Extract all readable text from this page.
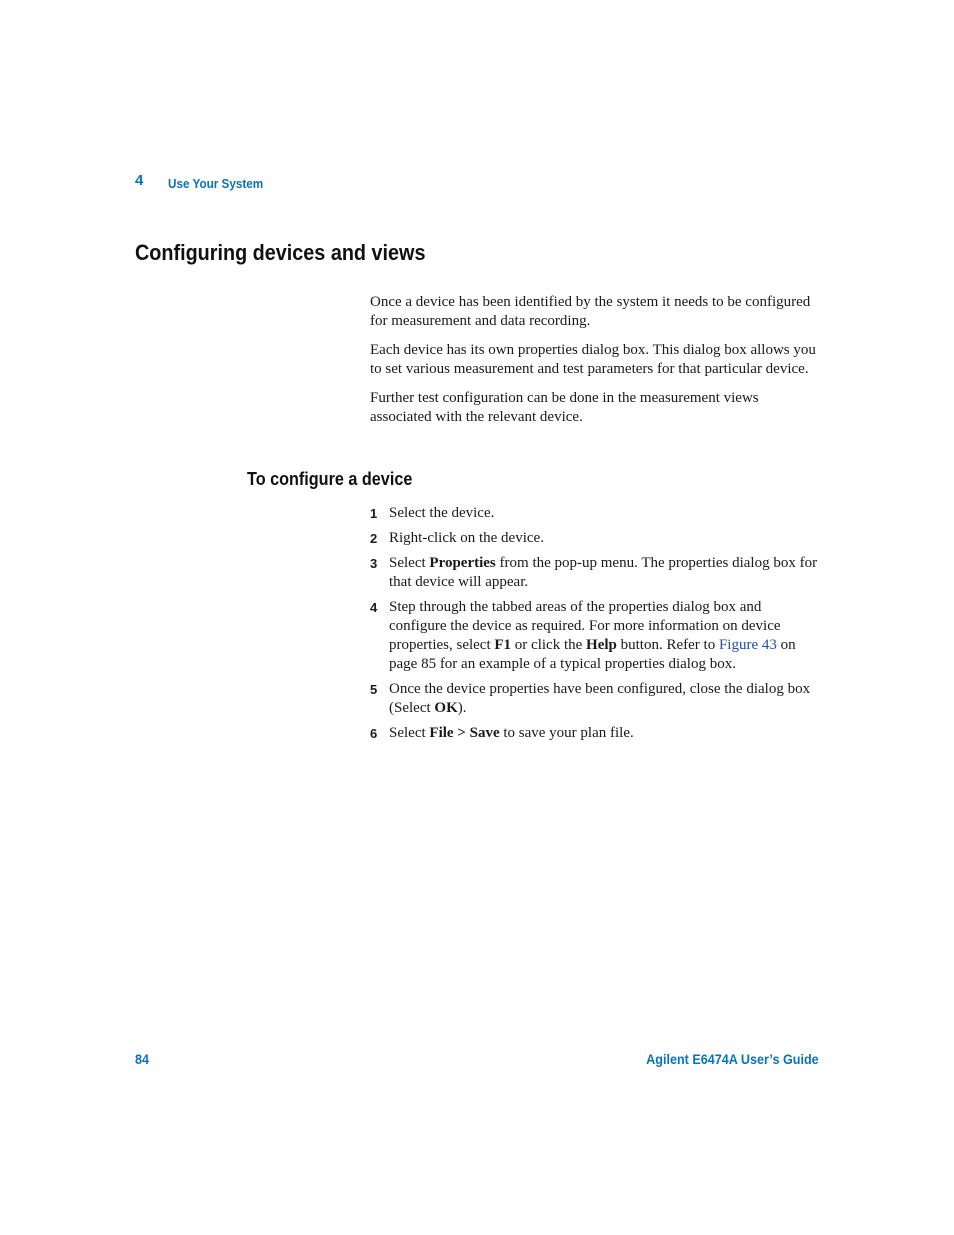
4 Use Your System
Configuring devices and views

Once a device has been identified by the system it needs to be configured for measurement and data recording.

Each device has its own properties dialog box. This dialog box allows you to set various measurement and test parameters for that particular device.

Further test configuration can be done in the measurement views associated with the relevant device.

To configure a device
1 Select the device.
2 Right-click on the device.
3 Select Properties from the pop-up menu. The properties dialog box for that device will appear.
4 Step through the tabbed areas of the properties dialog box and configure the device as required. For more information on device properties, select F1 or click the Help button. Refer to Figure 43 on page 85 for an example of a typical properties dialog box.
5 Once the device properties have been configured, close the dialog box (Select OK).
6 Select File > Save to save your plan file.
84	Agilent E6474A User’s Guide
